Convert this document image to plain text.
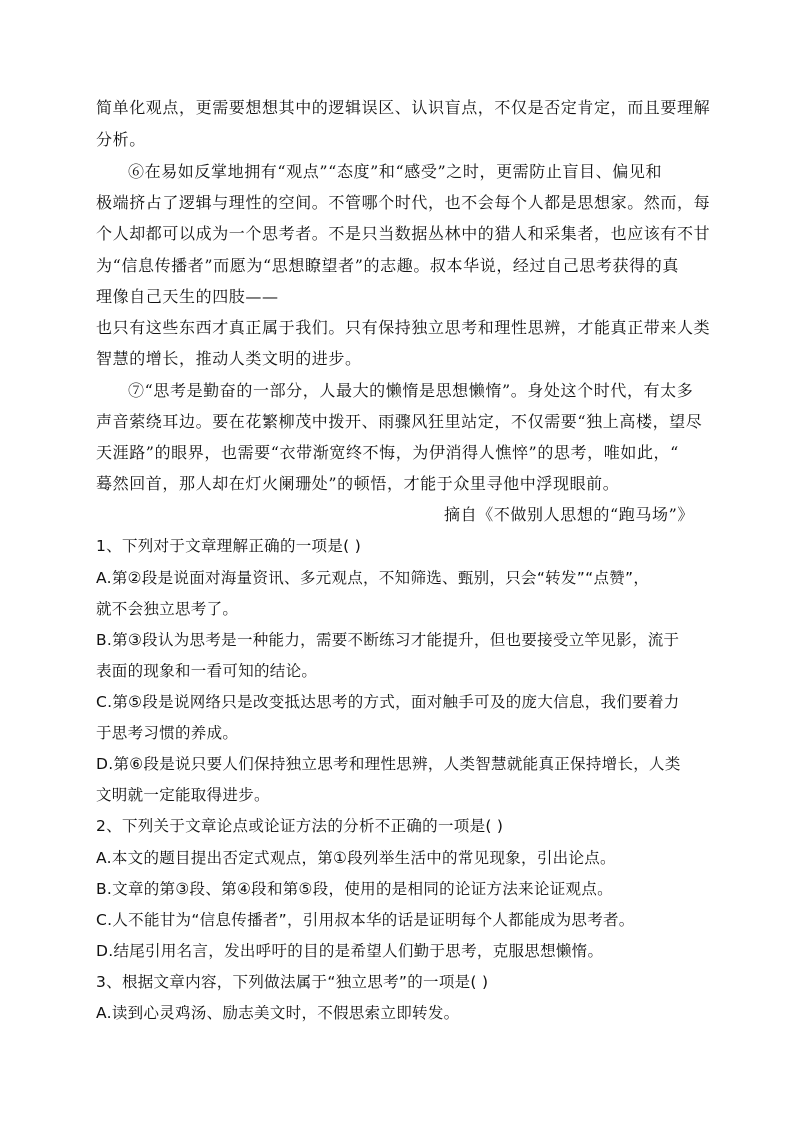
简单化观点，更需要想想其中的逻辑误区、认识盲点，不仅是否定肯定，而且要理解
分析。
⑥在易如反掌地拥有“观点”“态度”和“感受”之时，更需防止盲目、偏见和
极端挤占了逻辑与理性的空间。不管哪个时代，也不会每个人都是思想家。然而，每
个人却都可以成为一个思考者。不是只当数据丛林中的猎人和采集者，也应该有不甘
为“信息传播者”而愿为“思想瞭望者”的志趣。叔本华说，经过自己思考获得的真
理像自己天生的四肢——
也只有这些东西才真正属于我们。只有保持独立思考和理性思辨，才能真正带来人类
智慧的增长，推动人类文明的进步。
⑦“思考是勤奋的一部分，人最大的懒惰是思想懒惰”。身处这个时代，有太多
声音萦绕耳边。要在花繁柳茂中拨开、雨骤风狂里站定，不仅需要“独上高楼，望尽
天涯路”的眼界，也需要“衣带渐宽终不悔，为伊消得人憔悴”的思考，唯如此，“
蓦然回首，那人却在灯火阑珊处”的顿悟，才能于众里寻他中浮现眼前。
摘自《不做别人思想的“跑马场”》
1、下列对于文章理解正确的一项是( )
A.第②段是说面对海量资讯、多元观点，不知筛选、甄别，只会“转发”“点赞”，
就不会独立思考了。
B.第③段认为思考是一种能力，需要不断练习才能提升，但也要接受立竿见影，流于
表面的现象和一看可知的结论。
C.第⑤段是说网络只是改变抵达思考的方式，面对触手可及的庞大信息，我们要着力
于思考习惯的养成。
D.第⑥段是说只要人们保持独立思考和理性思辨，人类智慧就能真正保持增长，人类
文明就一定能取得进步。
2、下列关于文章论点或论证方法的分析不正确的一项是( )
A.本文的题目提出否定式观点，第①段列举生活中的常见现象，引出论点。
B.文章的第③段、第④段和第⑤段，使用的是相同的论证方法来论证观点。
C.人不能甘为“信息传播者”，引用叔本华的话是证明每个人都能成为思考者。
D.结尾引用名言，发出呼吁的目的是希望人们勤于思考，克服思想懒惰。
3、根据文章内容，下列做法属于“独立思考”的一项是( )
A.读到心灵鸡汤、励志美文时，不假思索立即转发。
